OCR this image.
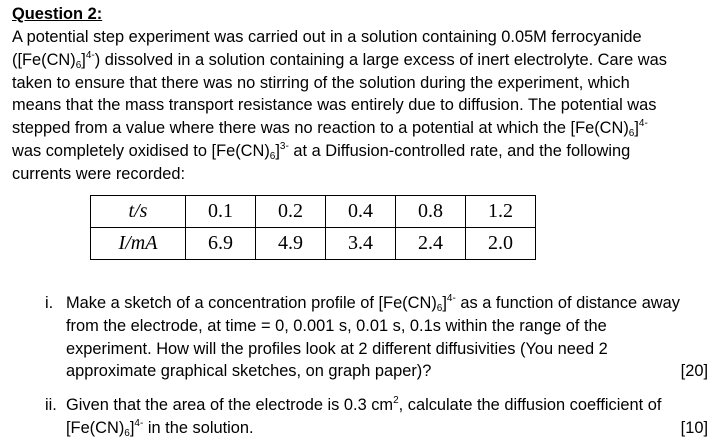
Question 2:
A potential step experiment was carried out in a solution containing 0.05M ferrocyanide
$([Fe(CN)_6]^{4-})$ dissolved in a solution containing a large excess of inert electrolyte. Care was
taken to ensure that there was no stirring of the solution during the experiment, which
means that the mass transport resistance was entirely due to diffusion. The potential was
stepped from a value where there was no reaction to a potential at which the $[Fe(CN)_6]^{4-}$
was completely oxidised to $[Fe(CN)_6]^{3-}$ at a Diffusion-controlled rate, and the following
currents were recorded:
t/s	0.1	0.2	0.4	0.8	1.2
I/mA	6.9	4.9	3.4	2.4	2.0
i. Make a sketch of a concentration profile of $[Fe(CN)_6]^{4-}$ as a function of distance away
from the electrode, at time = 0, 0.001 s, 0.01 s, 0.1s within the range of the
experiment. How will the profiles look at 2 different diffusivities (You need 2
approximate graphical sketches, on graph paper)?	[20]
ii. Given that the area of the electrode is 0.3 $cm^2$, calculate the diffusion coefficient of
$[Fe(CN)_6]^{4-}$ in the solution.	[10]
